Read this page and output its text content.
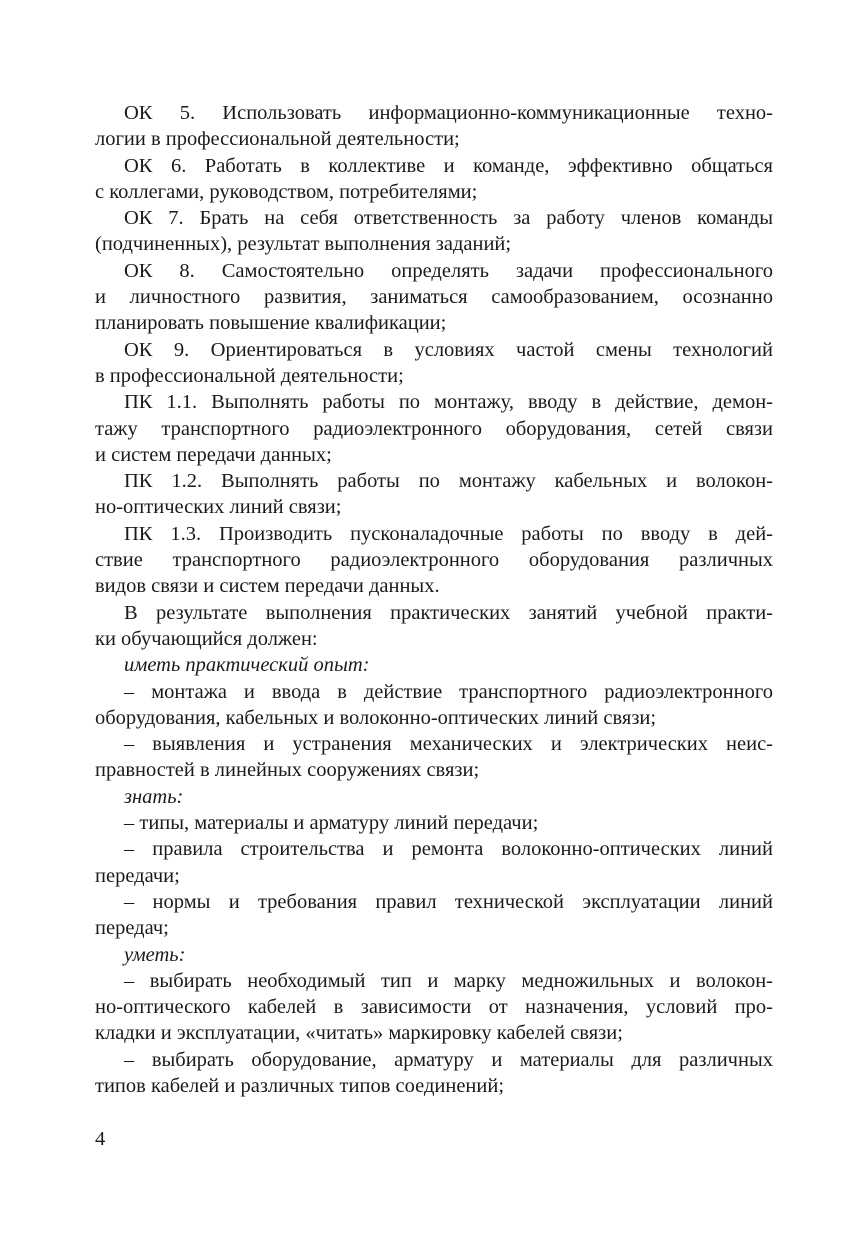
ОК 5. Использовать информационно-коммуникационные техно-
логии в профессиональной деятельности;
ОК 6. Работать в коллективе и команде, эффективно общаться
с коллегами, руководством, потребителями;
ОК 7. Брать на себя ответственность за работу членов команды
(подчиненных), результат выполнения заданий;
ОК 8. Самостоятельно определять задачи профессионального
и личностного развития, заниматься самообразованием, осознанно
планировать повышение квалификации;
ОК 9. Ориентироваться в условиях частой смены технологий
в профессиональной деятельности;
ПК 1.1. Выполнять работы по монтажу, вводу в действие, демон-
тажу транспортного радиоэлектронного оборудования, сетей связи
и систем передачи данных;
ПК 1.2. Выполнять работы по монтажу кабельных и волокон-
но-оптических линий связи;
ПК 1.3. Производить пусконаладочные работы по вводу в дей-
ствие транспортного радиоэлектронного оборудования различных
видов связи и систем передачи данных.
В результате выполнения практических занятий учебной практи-
ки обучающийся должен:
иметь практический опыт:
– монтажа и ввода в действие транспортного радиоэлектронного
оборудования, кабельных и волоконно-оптических линий связи;
– выявления и устранения механических и электрических неис-
правностей в линейных сооружениях связи;
знать:
– типы, материалы и арматуру линий передачи;
– правила строительства и ремонта волоконно-оптических линий
передачи;
– нормы и требования правил технической эксплуатации линий
передач;
уметь:
– выбирать необходимый тип и марку медножильных и волокон-
но-оптического кабелей в зависимости от назначения, условий про-
кладки и эксплуатации, «читать» маркировку кабелей связи;
– выбирать оборудование, арматуру и материалы для различных
типов кабелей и различных типов соединений;
4
